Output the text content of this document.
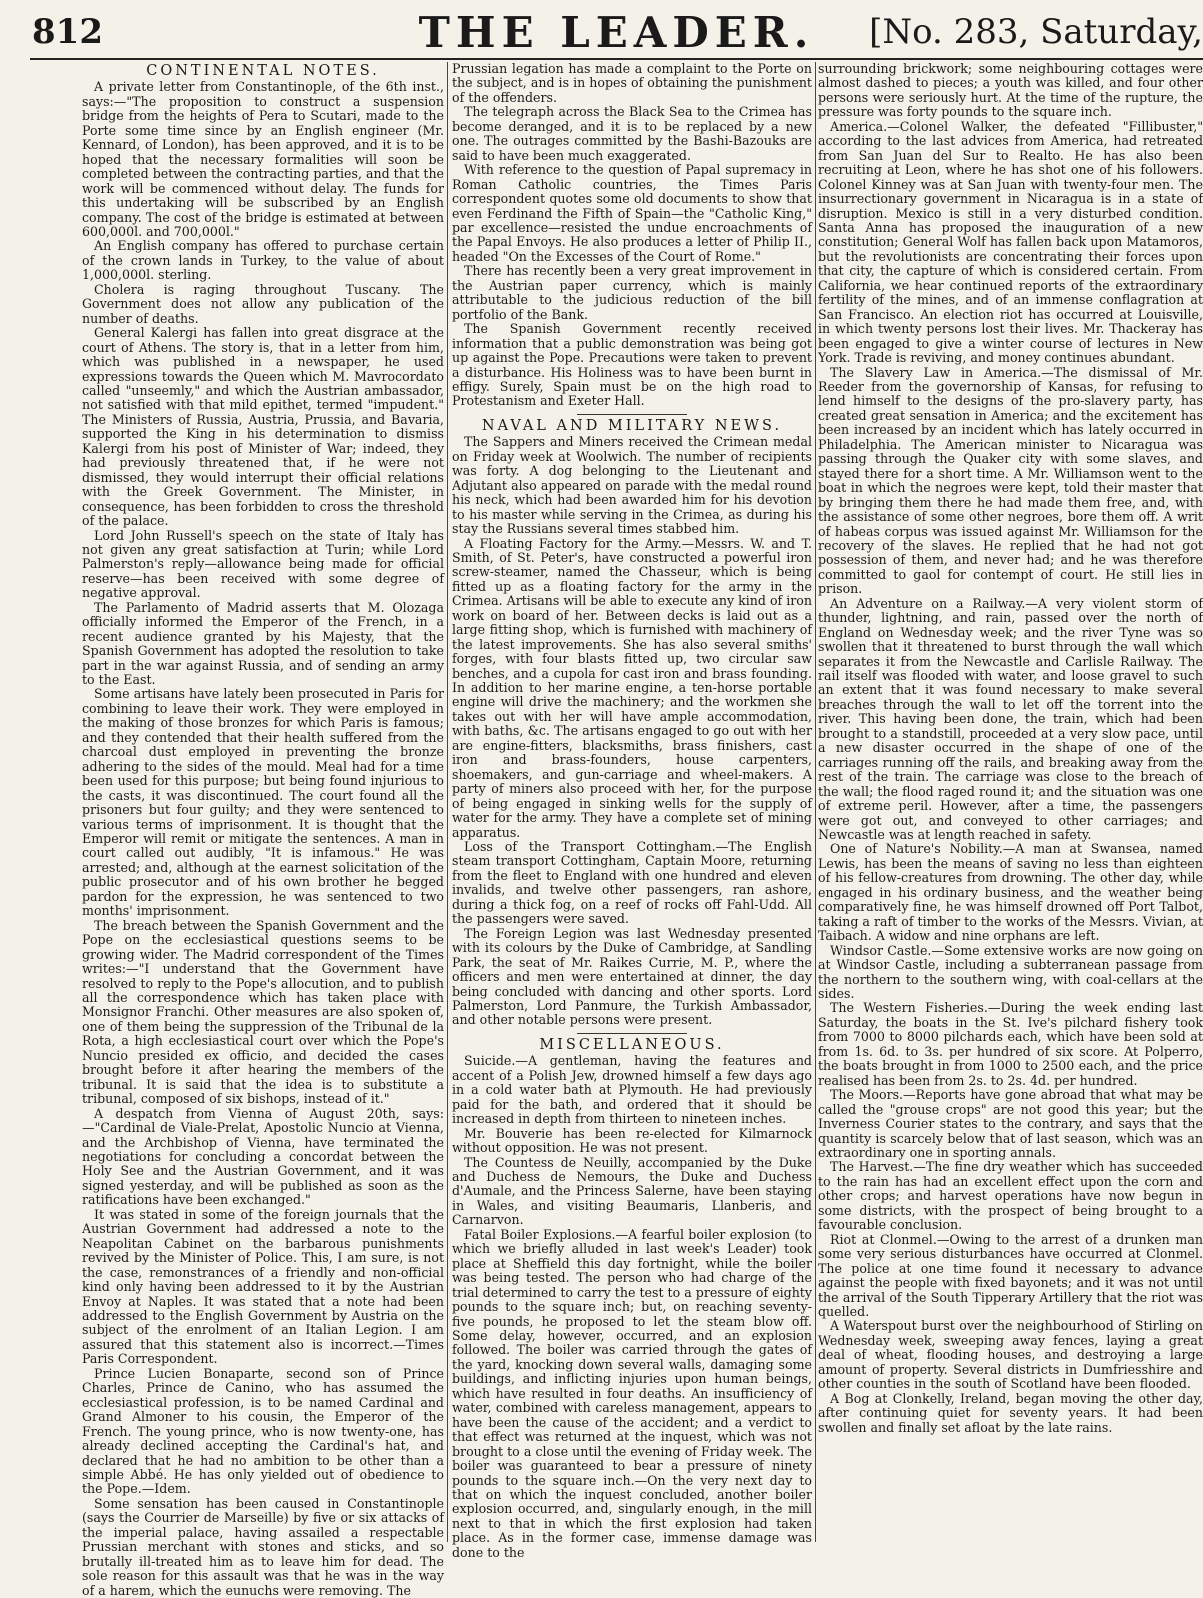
812	THE LEADER.	[No. 283, Saturday,
CONTINENTAL NOTES.

A private letter from Constantinople, of the 6th inst., says:—"The proposition to construct a suspension bridge from the heights of Pera to Scutari, made to the Porte some time since by an English engineer (Mr. Kennard, of London), has been approved, and it is to be hoped that the necessary formalities will soon be completed between the contracting parties, and that the work will be commenced without delay. The funds for this undertaking will be subscribed by an English company. The cost of the bridge is estimated at between 600,000l. and 700,000l."

An English company has offered to purchase certain of the crown lands in Turkey, to the value of about 1,000,000l. sterling.

Cholera is raging throughout Tuscany. The Government does not allow any publication of the number of deaths.

General Kalergi has fallen into great disgrace at the court of Athens. The story is, that in a letter from him, which was published in a newspaper, he used expressions towards the Queen which M. Mavrocordato called "unseemly," and which the Austrian ambassador, not satisfied with that mild epithet, termed "impudent." The Ministers of Russia, Austria, Prussia, and Bavaria, supported the King in his determination to dismiss Kalergi from his post of Minister of War; indeed, they had previously threatened that, if he were not dismissed, they would interrupt their official relations with the Greek Government. The Minister, in consequence, has been forbidden to cross the threshold of the palace.

Lord John Russell's speech on the state of Italy has not given any great satisfaction at Turin; while Lord Palmerston's reply—allowance being made for official reserve—has been received with some degree of negative approval.

The Parlamento of Madrid asserts that M. Olozaga officially informed the Emperor of the French, in a recent audience granted by his Majesty, that the Spanish Government has adopted the resolution to take part in the war against Russia, and of sending an army to the East.

Some artisans have lately been prosecuted in Paris for combining to leave their work. They were employed in the making of those bronzes for which Paris is famous; and they contended that their health suffered from the charcoal dust employed in preventing the bronze adhering to the sides of the mould. Meal had for a time been used for this purpose; but being found injurious to the casts, it was discontinued. The court found all the prisoners but four guilty; and they were sentenced to various terms of imprisonment. It is thought that the Emperor will remit or mitigate the sentences. A man in court called out audibly, "It is infamous." He was arrested; and, although at the earnest solicitation of the public prosecutor and of his own brother he begged pardon for the expression, he was sentenced to two months' imprisonment.

The breach between the Spanish Government and the Pope on the ecclesiastical questions seems to be growing wider. The Madrid correspondent of the Times writes:—"I understand that the Government have resolved to reply to the Pope's allocution, and to publish all the correspondence which has taken place with Monsignor Franchi. Other measures are also spoken of, one of them being the suppression of the Tribunal de la Rota, a high ecclesiastical court over which the Pope's Nuncio presided ex officio, and decided the cases brought before it after hearing the members of the tribunal. It is said that the idea is to substitute a tribunal, composed of six bishops, instead of it."

A despatch from Vienna of August 20th, says:—"Cardinal de Viale-Prelat, Apostolic Nuncio at Vienna, and the Archbishop of Vienna, have terminated the negotiations for concluding a concordat between the Holy See and the Austrian Government, and it was signed yesterday, and will be published as soon as the ratifications have been exchanged."

It was stated in some of the foreign journals that the Austrian Government had addressed a note to the Neapolitan Cabinet on the barbarous punishments revived by the Minister of Police. This, I am sure, is not the case, remonstrances of a friendly and non-official kind only having been addressed to it by the Austrian Envoy at Naples. It was stated that a note had been addressed to the English Government by Austria on the subject of the enrolment of an Italian Legion. I am assured that this statement also is incorrect.—Times Paris Correspondent.

Prince Lucien Bonaparte, second son of Prince Charles, Prince de Canino, who has assumed the ecclesiastical profession, is to be named Cardinal and Grand Almoner to his cousin, the Emperor of the French. The young prince, who is now twenty-one, has already declined accepting the Cardinal's hat, and declared that he had no ambition to be other than a simple Abbé. He has only yielded out of obedience to the Pope.—Idem.

Some sensation has been caused in Constantinople (says the Courrier de Marseille) by five or six attacks of the imperial palace, having assailed a respectable Prussian merchant with stones and sticks, and so brutally ill-treated him as to leave him for dead. The sole reason for this assault was that he was in the way of a harem, which the eunuchs were removing. The

Prussian legation has made a complaint to the Porte on the subject, and is in hopes of obtaining the punishment of the offenders.

The telegraph across the Black Sea to the Crimea has become deranged, and it is to be replaced by a new one. The outrages committed by the Bashi-Bazouks are said to have been much exaggerated.

With reference to the question of Papal supremacy in Roman Catholic countries, the Times Paris correspondent quotes some old documents to show that even Ferdinand the Fifth of Spain—the "Catholic King," par excellence—resisted the undue encroachments of the Papal Envoys. He also produces a letter of Philip II., headed "On the Excesses of the Court of Rome."

There has recently been a very great improvement in the Austrian paper currency, which is mainly attributable to the judicious reduction of the bill portfolio of the Bank.

The Spanish Government recently received information that a public demonstration was being got up against the Pope. Precautions were taken to prevent a disturbance. His Holiness was to have been burnt in effigy. Surely, Spain must be on the high road to Protestanism and Exeter Hall.

NAVAL AND MILITARY NEWS.

The Sappers and Miners received the Crimean medal on Friday week at Woolwich. The number of recipients was forty. A dog belonging to the Lieutenant and Adjutant also appeared on parade with the medal round his neck, which had been awarded him for his devotion to his master while serving in the Crimea, as during his stay the Russians several times stabbed him.

A Floating Factory for the Army.—Messrs. W. and T. Smith, of St. Peter's, have constructed a powerful iron screw-steamer, named the Chasseur, which is being fitted up as a floating factory for the army in the Crimea. Artisans will be able to execute any kind of iron work on board of her. Between decks is laid out as a large fitting shop, which is furnished with machinery of the latest improvements. She has also several smiths' forges, with four blasts fitted up, two circular saw benches, and a cupola for cast iron and brass founding. In addition to her marine engine, a ten-horse portable engine will drive the machinery; and the workmen she takes out with her will have ample accommodation, with baths, &c. The artisans engaged to go out with her are engine-fitters, blacksmiths, brass finishers, cast iron and brass-founders, house carpenters, shoemakers, and gun-carriage and wheel-makers. A party of miners also proceed with her, for the purpose of being engaged in sinking wells for the supply of water for the army. They have a complete set of mining apparatus.

Loss of the Transport Cottingham.—The English steam transport Cottingham, Captain Moore, returning from the fleet to England with one hundred and eleven invalids, and twelve other passengers, ran ashore, during a thick fog, on a reef of rocks off Fahl-Udd. All the passengers were saved.

The Foreign Legion was last Wednesday presented with its colours by the Duke of Cambridge, at Sandling Park, the seat of Mr. Raikes Currie, M. P., where the officers and men were entertained at dinner, the day being concluded with dancing and other sports. Lord Palmerston, Lord Panmure, the Turkish Ambassador, and other notable persons were present.

MISCELLANEOUS.

Suicide.—A gentleman, having the features and accent of a Polish Jew, drowned himself a few days ago in a cold water bath at Plymouth. He had previously paid for the bath, and ordered that it should be increased in depth from thirteen to nineteen inches.

Mr. Bouverie has been re-elected for Kilmarnock without opposition. He was not present.

The Countess de Neuilly, accompanied by the Duke and Duchess de Nemours, the Duke and Duchess d'Aumale, and the Princess Salerne, have been staying in Wales, and visiting Beaumaris, Llanberis, and Carnarvon.

Fatal Boiler Explosions.—A fearful boiler explosion (to which we briefly alluded in last week's Leader) took place at Sheffield this day fortnight, while the boiler was being tested. The person who had charge of the trial determined to carry the test to a pressure of eighty pounds to the square inch; but, on reaching seventy-five pounds, he proposed to let the steam blow off. Some delay, however, occurred, and an explosion followed. The boiler was carried through the gates of the yard, knocking down several walls, damaging some buildings, and inflicting injuries upon human beings, which have resulted in four deaths. An insufficiency of water, combined with careless management, appears to have been the cause of the accident; and a verdict to that effect was returned at the inquest, which was not brought to a close until the evening of Friday week. The boiler was guaranteed to bear a pressure of ninety pounds to the square inch.—On the very next day to that on which the inquest concluded, another boiler explosion occurred, and, singularly enough, in the mill next to that in which the first explosion had taken place. As in the former case, immense damage was done to the

surrounding brickwork; some neighbouring cottages were almost dashed to pieces; a youth was killed, and four other persons were seriously hurt. At the time of the rupture, the pressure was forty pounds to the square inch.

America.—Colonel Walker, the defeated "Fillibuster," according to the last advices from America, had retreated from San Juan del Sur to Realto. He has also been recruiting at Leon, where he has shot one of his followers. Colonel Kinney was at San Juan with twenty-four men. The insurrectionary government in Nicaragua is in a state of disruption. Mexico is still in a very disturbed condition. Santa Anna has proposed the inauguration of a new constitution; General Wolf has fallen back upon Matamoros, but the revolutionists are concentrating their forces upon that city, the capture of which is considered certain. From California, we hear continued reports of the extraordinary fertility of the mines, and of an immense conflagration at San Francisco. An election riot has occurred at Louisville, in which twenty persons lost their lives. Mr. Thackeray has been engaged to give a winter course of lectures in New York. Trade is reviving, and money continues abundant.

The Slavery Law in America.—The dismissal of Mr. Reeder from the governorship of Kansas, for refusing to lend himself to the designs of the pro-slavery party, has created great sensation in America; and the excitement has been increased by an incident which has lately occurred in Philadelphia. The American minister to Nicaragua was passing through the Quaker city with some slaves, and stayed there for a short time. A Mr. Williamson went to the boat in which the negroes were kept, told their master that by bringing them there he had made them free, and, with the assistance of some other negroes, bore them off. A writ of habeas corpus was issued against Mr. Williamson for the recovery of the slaves. He replied that he had not got possession of them, and never had; and he was therefore committed to gaol for contempt of court. He still lies in prison.

An Adventure on a Railway.—A very violent storm of thunder, lightning, and rain, passed over the north of England on Wednesday week; and the river Tyne was so swollen that it threatened to burst through the wall which separates it from the Newcastle and Carlisle Railway. The rail itself was flooded with water, and loose gravel to such an extent that it was found necessary to make several breaches through the wall to let off the torrent into the river. This having been done, the train, which had been brought to a standstill, proceeded at a very slow pace, until a new disaster occurred in the shape of one of the carriages running off the rails, and breaking away from the rest of the train. The carriage was close to the breach of the wall; the flood raged round it; and the situation was one of extreme peril. However, after a time, the passengers were got out, and conveyed to other carriages; and Newcastle was at length reached in safety.

One of Nature's Nobility.—A man at Swansea, named Lewis, has been the means of saving no less than eighteen of his fellow-creatures from drowning. The other day, while engaged in his ordinary business, and the weather being comparatively fine, he was himself drowned off Port Talbot, taking a raft of timber to the works of the Messrs. Vivian, at Taibach. A widow and nine orphans are left.

Windsor Castle.—Some extensive works are now going on at Windsor Castle, including a subterranean passage from the northern to the southern wing, with coal-cellars at the sides.

The Western Fisheries.—During the week ending last Saturday, the boats in the St. Ive's pilchard fishery took from 7000 to 8000 pilchards each, which have been sold at from 1s. 6d. to 3s. per hundred of six score. At Polperro, the boats brought in from 1000 to 2500 each, and the price realised has been from 2s. to 2s. 4d. per hundred.

The Moors.—Reports have gone abroad that what may be called the "grouse crops" are not good this year; but the Inverness Courier states to the contrary, and says that the quantity is scarcely below that of last season, which was an extraordinary one in sporting annals.

The Harvest.—The fine dry weather which has succeeded to the rain has had an excellent effect upon the corn and other crops; and harvest operations have now begun in some districts, with the prospect of being brought to a favourable conclusion.

Riot at Clonmel.—Owing to the arrest of a drunken man some very serious disturbances have occurred at Clonmel. The police at one time found it necessary to advance against the people with fixed bayonets; and it was not until the arrival of the South Tipperary Artillery that the riot was quelled.

A Waterspout burst over the neighbourhood of Stirling on Wednesday week, sweeping away fences, laying a great deal of wheat, flooding houses, and destroying a large amount of property. Several districts in Dumfriesshire and other counties in the south of Scotland have been flooded.

A Bog at Clonkelly, Ireland, began moving the other day, after continuing quiet for seventy years. It had been swollen and finally set afloat by the late rains.
